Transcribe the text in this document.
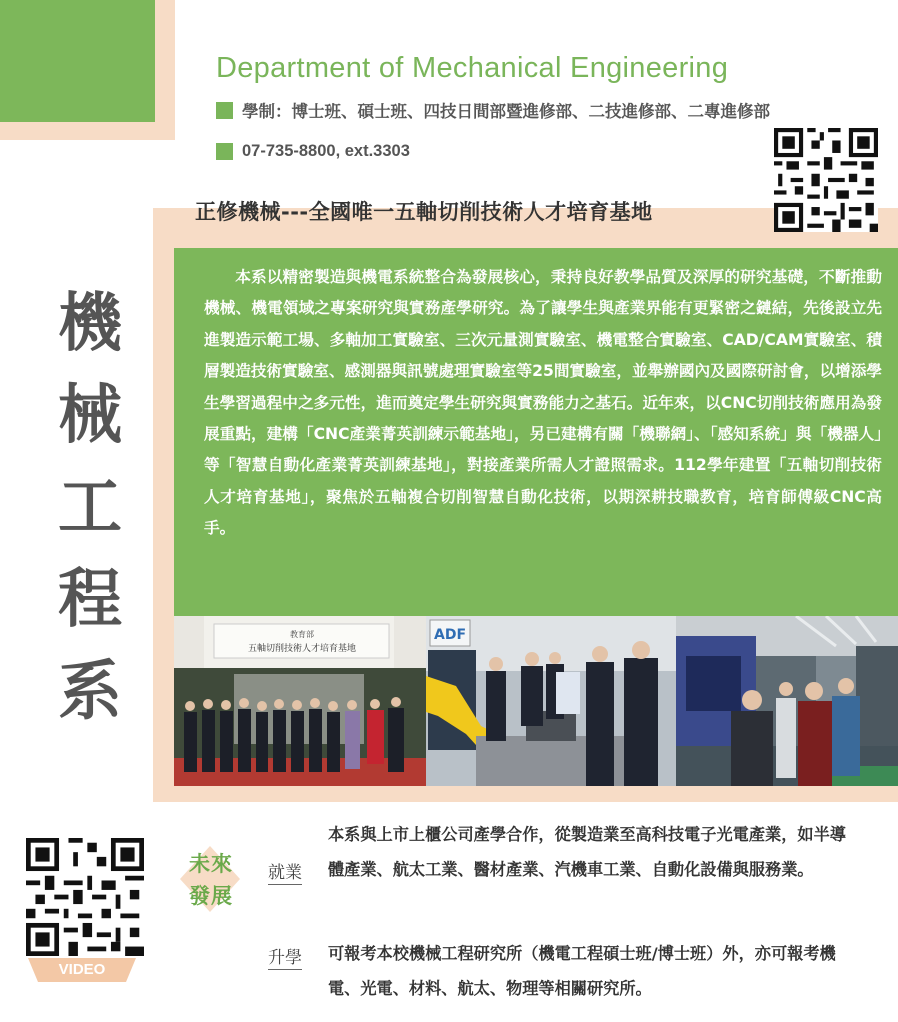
Department of Mechanical Engineering
學制：博士班、碩士班、四技日間部暨進修部、二技進修部、二專進修部
07-735-8800, ext.3303
正修機械---全國唯一五軸切削技術人才培育基地
機
械
工
程
系

本系以精密製造與機電系統整合為發展核心，秉持良好教學品質及深厚的研究基礎，不斷推動機械、機電領域之專案研究與實務產學研究。為了讓學生與產業界能有更緊密之鏈結，先後設立先進製造示範工場、多軸加工實驗室、三次元量測實驗室、機電整合實驗室、CAD/CAM實驗室、積層製造技術實驗室、感測器與訊號處理實驗室等25間實驗室，並舉辦國內及國際研討會，以增添學生學習過程中之多元性，進而奠定學生研究與實務能力之基石。近年來，以CNC切削技術應用為發展重點，建構「CNC產業菁英訓練示範基地」，另已建構有關「機聯網」、「感知系統」與「機器人」等「智慧自動化產業菁英訓練基地」，對接產業所需人才證照需求。112學年建置「五軸切削技術人才培育基地」，聚焦於五軸複合切削智慧自動化技術，以期深耕技職教育，培育師傅級CNC高手。

教育部
五軸切削技術人才培育基地
ADF
VIDEO
未來
發展
就業
本系與上市上櫃公司產學合作，從製造業至高科技電子光電產業，如半導體產業、航太工業、醫材產業、汽機車工業、自動化設備與服務業。
升學 可報考本校機械工程研究所（機電工程碩士班/博士班）外，亦可報考機電、光電、材料、航太、物理等相關研究所。
